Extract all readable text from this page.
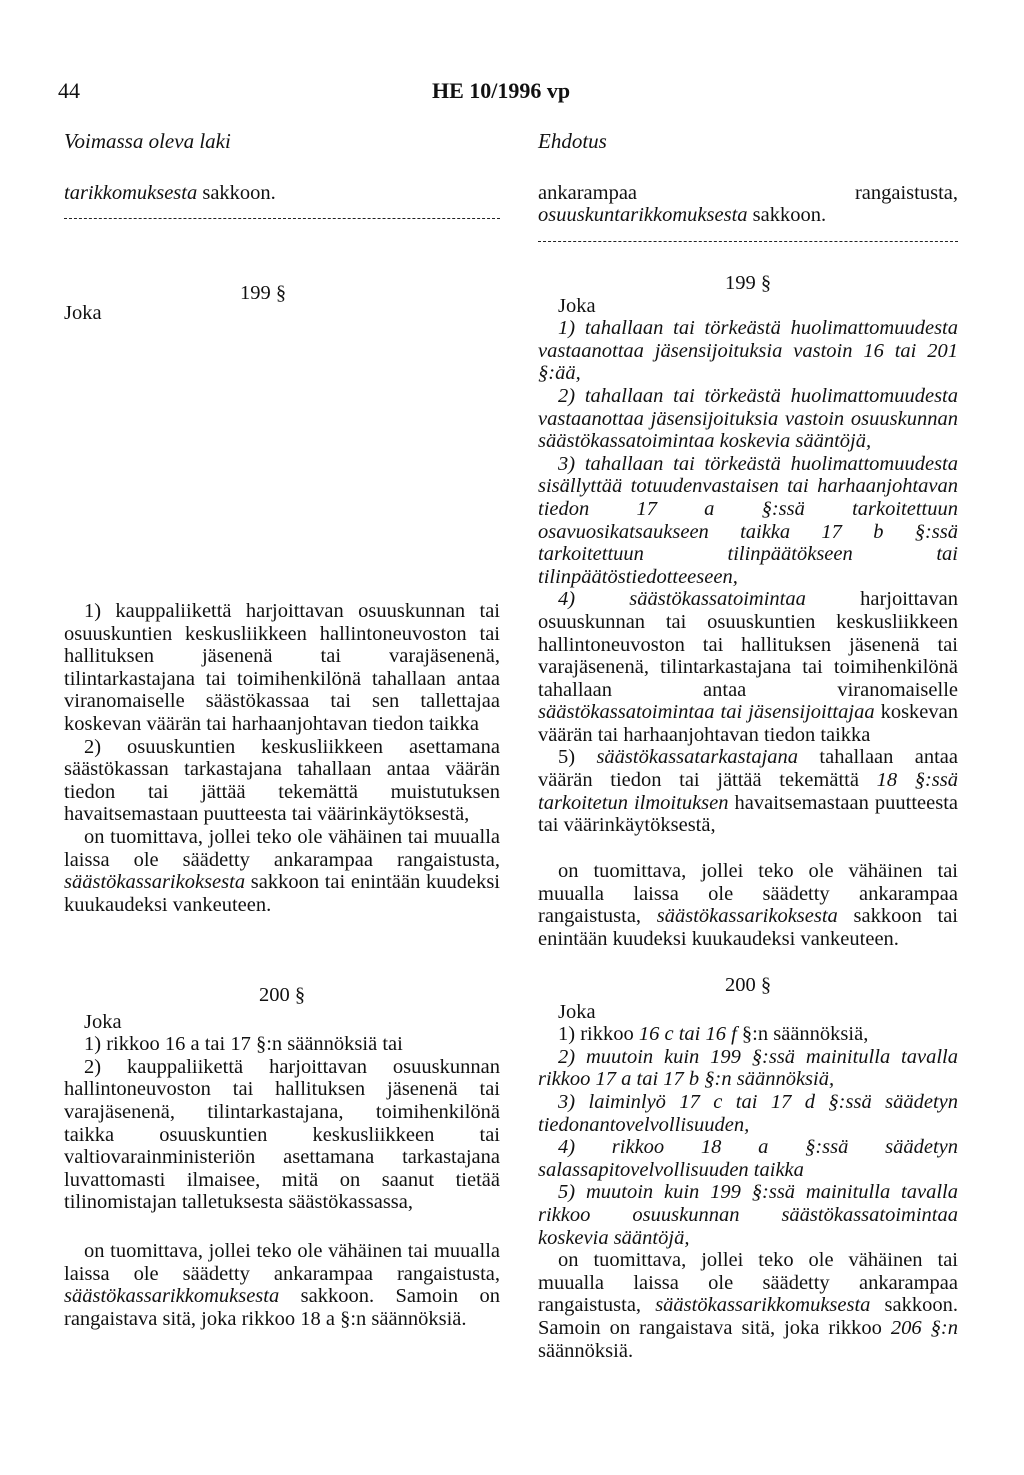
44	HE 10/1996 vp

Voimassa oleva laki

tarikkomuksesta sakkoon.

199 §
Joka

1) kauppaliikettä harjoittavan osuuskunnan tai osuuskuntien keskusliikkeen hallintoneuvoston tai hallituksen jäsenenä tai varajäsenenä, tilintarkastajana tai toimihenkilönä tahallaan antaa viranomaiselle säästökassaa tai sen tallettajaa koskevan väärän tai harhaanjohtavan tiedon taikka

2) osuuskuntien keskusliikkeen asettamana säästökassan tarkastajana tahallaan antaa väärän tiedon tai jättää tekemättä muistutuksen havaitsemastaan puutteesta tai väärinkäytöksestä,

on tuomittava, jollei teko ole vähäinen tai muualla laissa ole säädetty ankarampaa rangaistusta, säästökassarikoksesta sakkoon tai enintään kuudeksi kuukaudeksi vankeuteen.

200 §

Joka

1) rikkoo 16 a tai 17 §:n säännöksiä tai

2) kauppaliikettä harjoittavan osuuskunnan hallintoneuvoston tai hallituksen jäsenenä tai varajäsenenä, tilintarkastajana, toimihenkilönä taikka osuuskuntien keskusliikkeen tai valtiovarainministeriön asettamana tarkastajana luvattomasti ilmaisee, mitä on saanut tietää tilinomistajan talletuksesta säästökassassa,

on tuomittava, jollei teko ole vähäinen tai muualla laissa ole säädetty ankarampaa rangaistusta, säästökassarikkomuksesta sakkoon. Samoin on rangaistava sitä, joka rikkoo 18 a §:n säännöksiä.

Ehdotus

ankarampaa rangaistusta, osuuskuntarikkomuksesta sakkoon.

199 §

Joka

1) tahallaan tai törkeästä huolimattomuudesta vastaanottaa jäsensijoituksia vastoin 16 tai 201 §:ää,

2) tahallaan tai törkeästä huolimattomuudesta vastaanottaa jäsensijoituksia vastoin osuuskunnan säästökassatoimintaa koskevia sääntöjä,

3) tahallaan tai törkeästä huolimattomuudesta sisällyttää totuudenvastaisen tai harhaanjohtavan tiedon 17 a §:ssä tarkoitettuun osavuosikatsaukseen taikka 17 b §:ssä tarkoitettuun tilinpäätökseen tai tilinpäätöstiedotteeseen,

4) säästökassatoimintaa harjoittavan osuuskunnan tai osuuskuntien keskusliikkeen hallintoneuvoston tai hallituksen jäsenenä tai varajäsenenä, tilintarkastajana tai toimihenkilönä tahallaan antaa viranomaiselle säästökassatoimintaa tai jäsensijoittajaa koskevan väärän tai harhaanjohtavan tiedon taikka

5) säästökassatarkastajana tahallaan antaa väärän tiedon tai jättää tekemättä 18 §:ssä tarkoitetun ilmoituksen havaitsemastaan puutteesta tai väärinkäytöksestä,

on tuomittava, jollei teko ole vähäinen tai muualla laissa ole säädetty ankarampaa rangaistusta, säästökassarikoksesta sakkoon tai enintään kuudeksi kuukaudeksi vankeuteen.

200 §

Joka

1) rikkoo 16 c tai 16 f §:n säännöksiä,

2) muutoin kuin 199 §:ssä mainitulla tavalla rikkoo 17 a tai 17 b §:n säännöksiä,

3) laiminlyö 17 c tai 17 d §:ssä säädetyn tiedonantovelvollisuuden,

4) rikkoo 18 a §:ssä säädetyn salassapitovelvollisuuden taikka

5) muutoin kuin 199 §:ssä mainitulla tavalla rikkoo osuuskunnan säästökassatoimintaa koskevia sääntöjä,

on tuomittava, jollei teko ole vähäinen tai muualla laissa ole säädetty ankarampaa rangaistusta, säästökassarikkomuksesta sakkoon. Samoin on rangaistava sitä, joka rikkoo 206 §:n säännöksiä.
